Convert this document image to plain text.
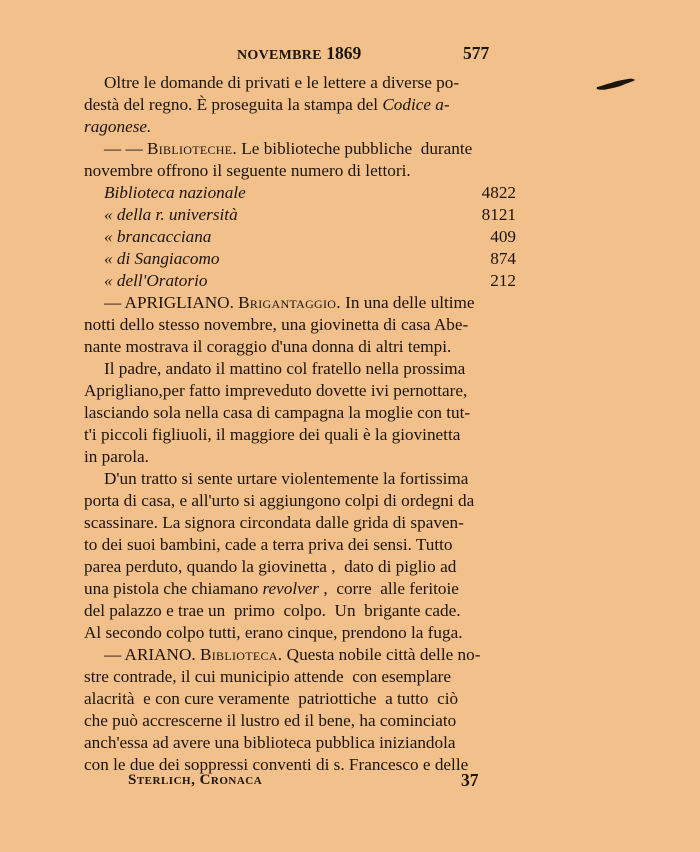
NOVEMBRE 1869	577
Oltre le domande di privati e le lettere a diverse po-
destà del regno. È proseguita la stampa del Codice a-
ragonese.
— — Biblioteche. Le biblioteche pubbliche  durante
novembre offrono il seguente numero di lettori.
Biblioteca nazionale	4822
« della r. università	8121
« brancacciana	409
« di Sangiacomo	874
« dell'Oratorio	212
— APRIGLIANO. Brigantaggio. In una delle ultime
notti dello stesso novembre, una giovinetta di casa Abe-
nante mostrava il coraggio d'una donna di altri tempi.
Il padre, andato il mattino col fratello nella prossima
Aprigliano,per fatto impreveduto dovette ivi pernottare,
lasciando sola nella casa di campagna la moglie con tut-
t'i piccoli figliuoli, il maggiore dei quali è la giovinetta
in parola.
D'un tratto si sente urtare violentemente la fortissima
porta di casa, e all'urto si aggiungono colpi di ordegni da
scassinare. La signora circondata dalle grida di spaven-
to dei suoi bambini, cade a terra priva dei sensi. Tutto
parea perduto, quando la giovinetta ,  dato di piglio ad
una pistola che chiamano revolver ,  corre  alle feritoie
del palazzo e trae un  primo  colpo.  Un  brigante cade.
Al secondo colpo tutti, erano cinque, prendono la fuga.
— ARIANO. Biblioteca. Questa nobile città delle no-
stre contrade, il cui municipio attende  con esemplare
alacrità  e con cure veramente  patriottiche  a tutto  ciò
che può accrescerne il lustro ed il bene, ha cominciato
anch'essa ad avere una biblioteca pubblica iniziandola
con le due dei soppressi conventi di s. Francesco e delle
Sterlich, Cronaca	37
